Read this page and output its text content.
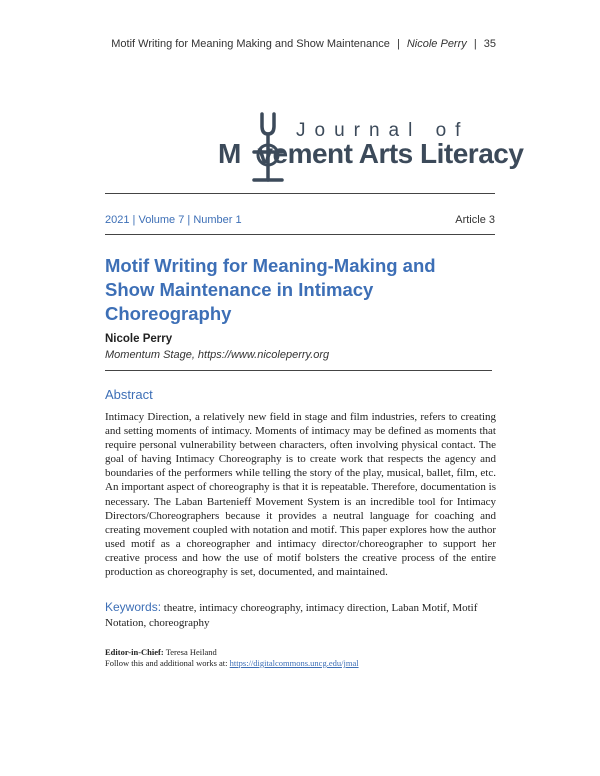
Motif Writing for Meaning Making and Show Maintenance | Nicole Perry | 35
Journal of
M vement Arts Literacy
2021 | Volume 7 | Number 1	Article 3
Motif Writing for Meaning-Making and Show Maintenance in Intimacy Choreography
Nicole Perry
Momentum Stage, https://www.nicoleperry.org
Abstract
Intimacy Direction, a relatively new field in stage and film industries, refers to creating and setting moments of intimacy. Moments of intimacy may be defined as moments that require personal vulnerability between characters, often involving physical contact. The goal of having Intimacy Choreography is to create work that respects the agency and boundaries of the performers while telling the story of the play, musical, ballet, film, etc. An important aspect of choreography is that it is repeatable. Therefore, documentation is necessary. The Laban Bartenieff Movement System is an incredible tool for Intimacy Directors/Choreographers because it provides a neutral language for coaching and creating movement coupled with notation and motif. This paper explores how the author used motif as a choreographer and intimacy director/choreographer to support her creative process and how the use of motif bolsters the creative process of the entire production as choreography is set, documented, and maintained.
Keywords: theatre, intimacy choreography, intimacy direction, Laban Motif, Motif Notation, choreography
Editor-in-Chief: Teresa Heiland
Follow this and additional works at: https://digitalcommons.uncg.edu/jmal
